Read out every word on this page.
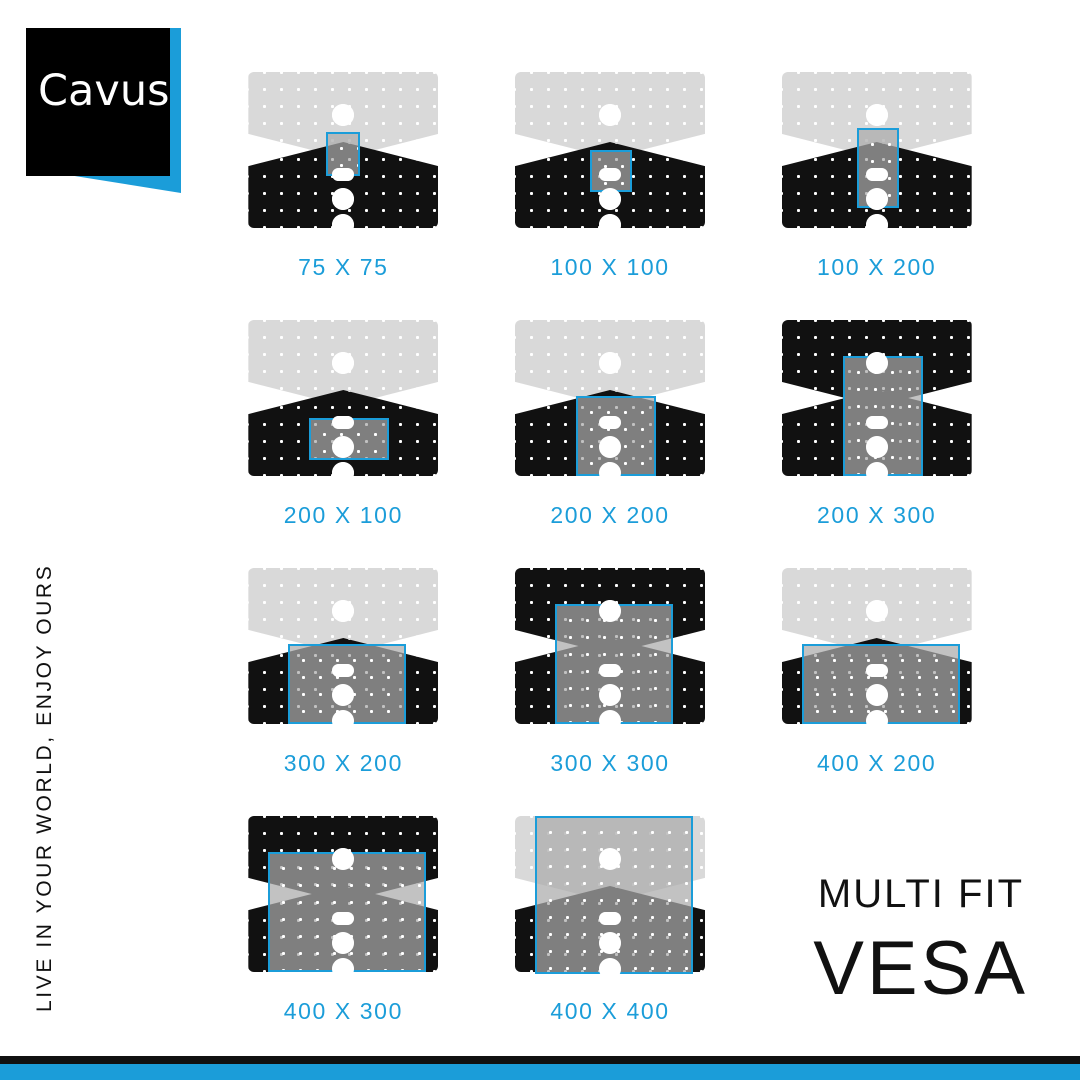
Cavus
LIVE IN YOUR WORLD, ENJOY OURS
75 X 75	100 X 100	100 X 200
200 X 100	200 X 200	200 X 300
300 X 200	300 X 300	400 X 200
400 X 300	400 X 400
MULTI FIT
VESA
